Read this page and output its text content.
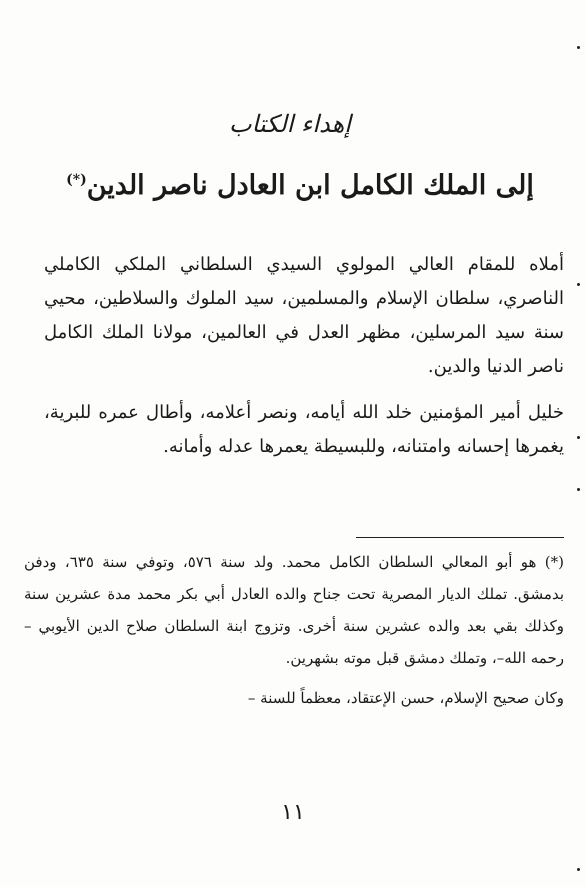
إهداء الكتاب
إلى الملك الكامل ابن العادل ناصر الدين(*)
أملاه للمقام العالي المولوي السيدي السلطاني الملكي الكاملي الناصري، سلطان الإسلام والمسلمين، سيد الملوك والسلاطين، محيي سنة سيد المرسلين، مظهر العدل في العالمين، مولانا الملك الكامل ناصر الدنيا والدين.
خليل أمير المؤمنين خلد الله أيامه، ونصر أعلامه، وأطال عمره للبرية، يغمرها إحسانه وامتنانه، وللبسيطة يعمرها عدله وأمانه.

(*) هو أبو المعالي السلطان الكامل محمد. ولد سنة ٥٧٦، وتوفي سنة ٦٣٥، ودفن بدمشق. تملك الديار المصرية تحت جناح والده العادل أبي بكر محمد مدة عشرين سنة وكذلك بقي بعد والده عشرين سنة أخرى. وتزوج ابنة السلطان صلاح الدين الأيوبي –رحمه الله–، وتملك دمشق قبل موته بشهرين.

وكان صحيح الإسلام، حسن الإعتقاد، معظماً للسنة –

١١
